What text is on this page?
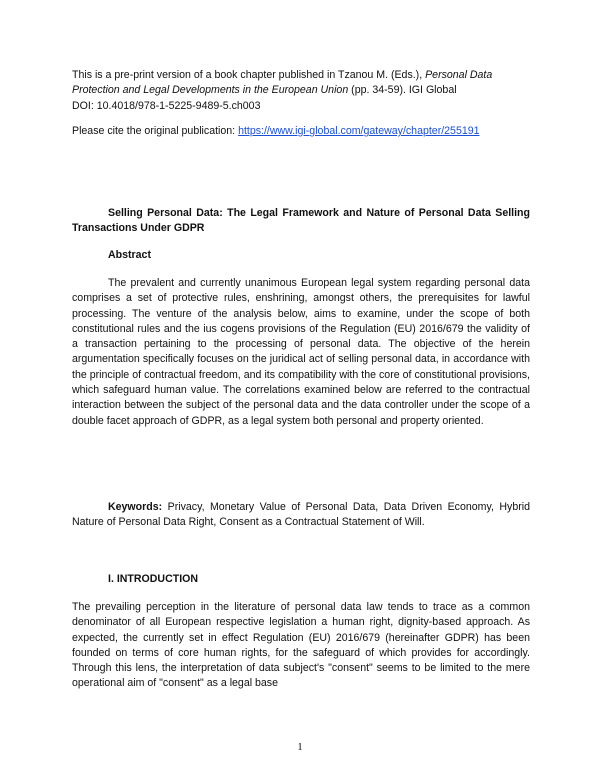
This is a pre-print version of a book chapter published in Tzanou M. (Eds.), Personal Data Protection and Legal Developments in the European Union (pp. 34-59). IGI Global
DOI: 10.4018/978-1-5225-9489-5.ch003
Please cite the original publication: https://www.igi-global.com/gateway/chapter/255191
Selling Personal Data: The Legal Framework and Nature of Personal Data Selling Transactions Under GDPR
Abstract
The prevalent and currently unanimous European legal system regarding personal data comprises a set of protective rules, enshrining, amongst others, the prerequisites for lawful processing. The venture of the analysis below, aims to examine, under the scope of both constitutional rules and the ius cogens provisions of the Regulation (EU) 2016/679 the validity of a transaction pertaining to the processing of personal data. The objective of the herein argumentation specifically focuses on the juridical act of selling personal data, in accordance with the principle of contractual freedom, and its compatibility with the core of constitutional provisions, which safeguard human value. The correlations examined below are referred to the contractual interaction between the subject of the personal data and the data controller under the scope of a double facet approach of GDPR, as a legal system both personal and property oriented.
Keywords: Privacy, Monetary Value of Personal Data, Data Driven Economy, Hybrid Nature of Personal Data Right, Consent as a Contractual Statement of Will.
I. INTRODUCTION
The prevailing perception in the literature of personal data law tends to trace as a common denominator of all European respective legislation a human right, dignity-based approach. As expected, the currently set in effect Regulation (EU) 2016/679 (hereinafter GDPR) has been founded on terms of core human rights, for the safeguard of which provides for accordingly. Through this lens, the interpretation of data subject's "consent" seems to be limited to the mere operational aim of "consent" as a legal base
1
